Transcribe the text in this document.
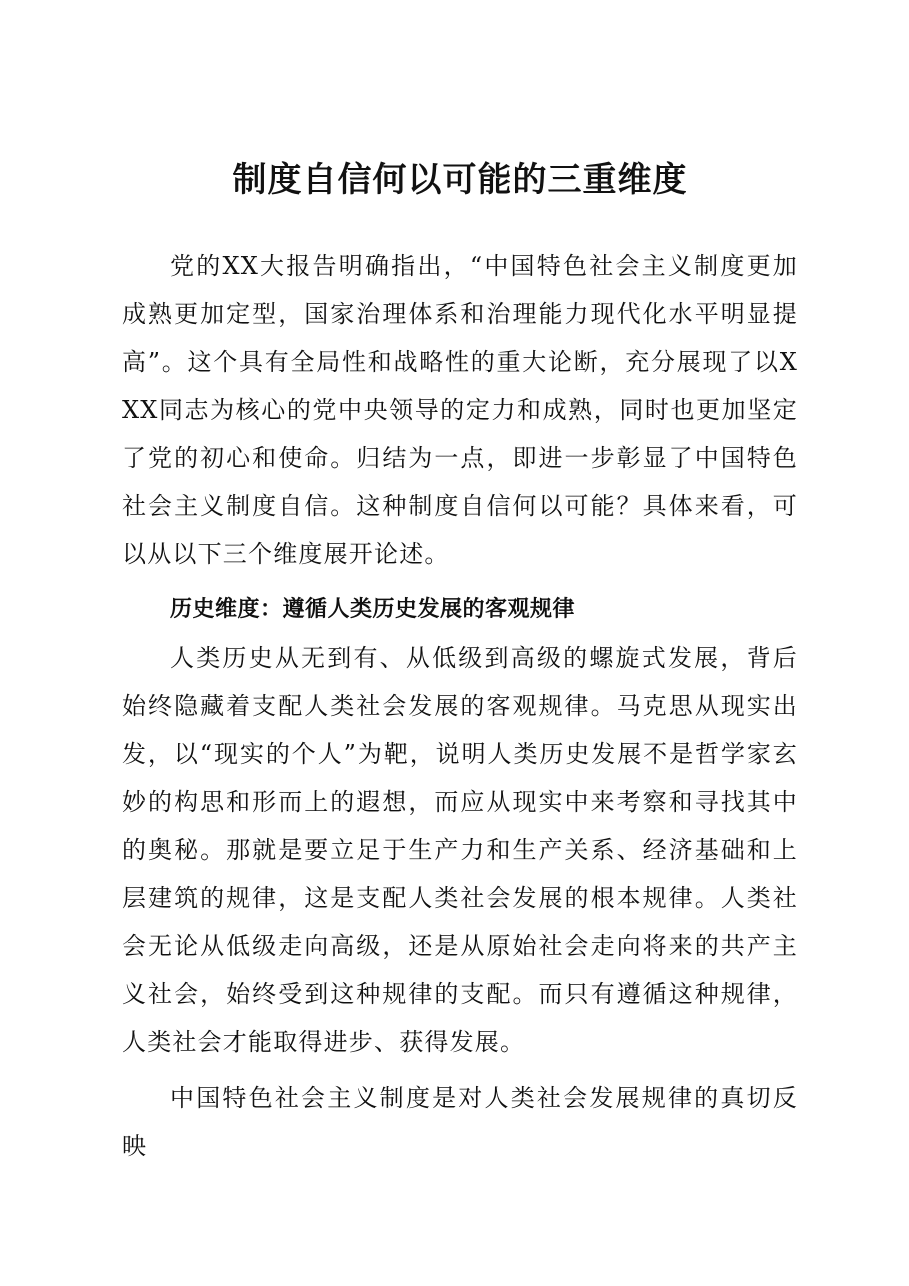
制度自信何以可能的三重维度

党的XX大报告明确指出，“中国特色社会主义制度更加成熟更加定型，国家治理体系和治理能力现代化水平明显提高”。这个具有全局性和战略性的重大论断，充分展现了以XXX同志为核心的党中央领导的定力和成熟，同时也更加坚定了党的初心和使命。归结为一点，即进一步彰显了中国特色社会主义制度自信。这种制度自信何以可能？具体来看，可以从以下三个维度展开论述。

历史维度：遵循人类历史发展的客观规律

人类历史从无到有、从低级到高级的螺旋式发展，背后始终隐藏着支配人类社会发展的客观规律。马克思从现实出发，以“现实的个人”为靶，说明人类历史发展不是哲学家玄妙的构思和形而上的遐想，而应从现实中来考察和寻找其中的奥秘。那就是要立足于生产力和生产关系、经济基础和上层建筑的规律，这是支配人类社会发展的根本规律。人类社会无论从低级走向高级，还是从原始社会走向将来的共产主义社会，始终受到这种规律的支配。而只有遵循这种规律，人类社会才能取得进步、获得发展。

中国特色社会主义制度是对人类社会发展规律的真切反映
